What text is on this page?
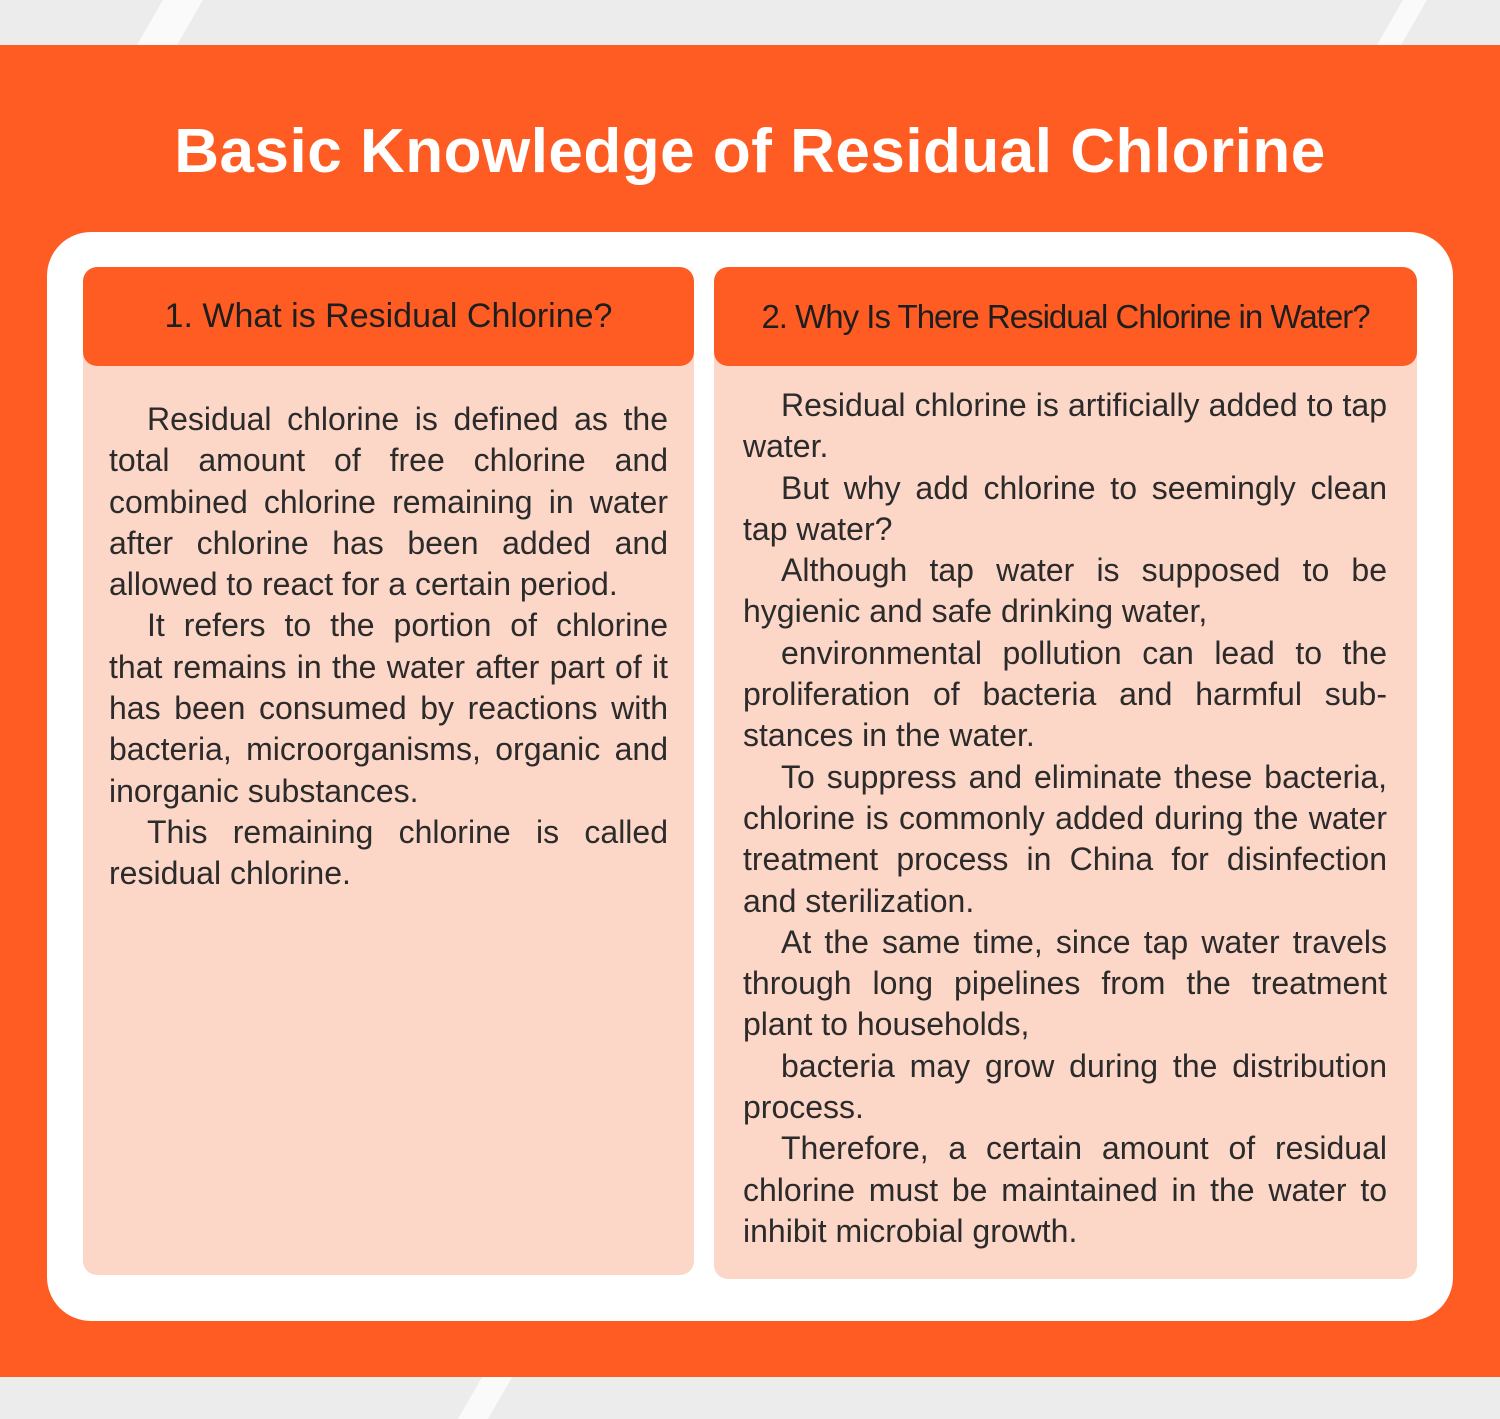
Basic Knowledge of Residual Chlorine
1. What is Residual Chlorine?

Residual chlorine is defined as the total amount of free chlorine and combined chlorine remaining in water after chlorine has been added and allowed to react for a certain period.

It refers to the portion of chlorine that remains in the water after part of it has been consumed by reactions with bacteria, microorganisms, organic and inorganic substances.

This remaining chlorine is called residual chlorine.

2. Why Is There Residual Chlorine in Water?

Residual chlorine is artificially added to tap water.

But why add chlorine to seemingly clean tap water?

Although tap water is supposed to be hygienic and safe drinking water,

environmental pollution can lead to the proliferation of bacteria and harmful substances in the water.

To suppress and eliminate these bacteria, chlorine is commonly added during the water treatment process in China for disinfection and sterilization.

At the same time, since tap water travels through long pipelines from the treatment plant to households,

bacteria may grow during the distribution process.

Therefore, a certain amount of residual chlorine must be maintained in the water to inhibit microbial growth.
